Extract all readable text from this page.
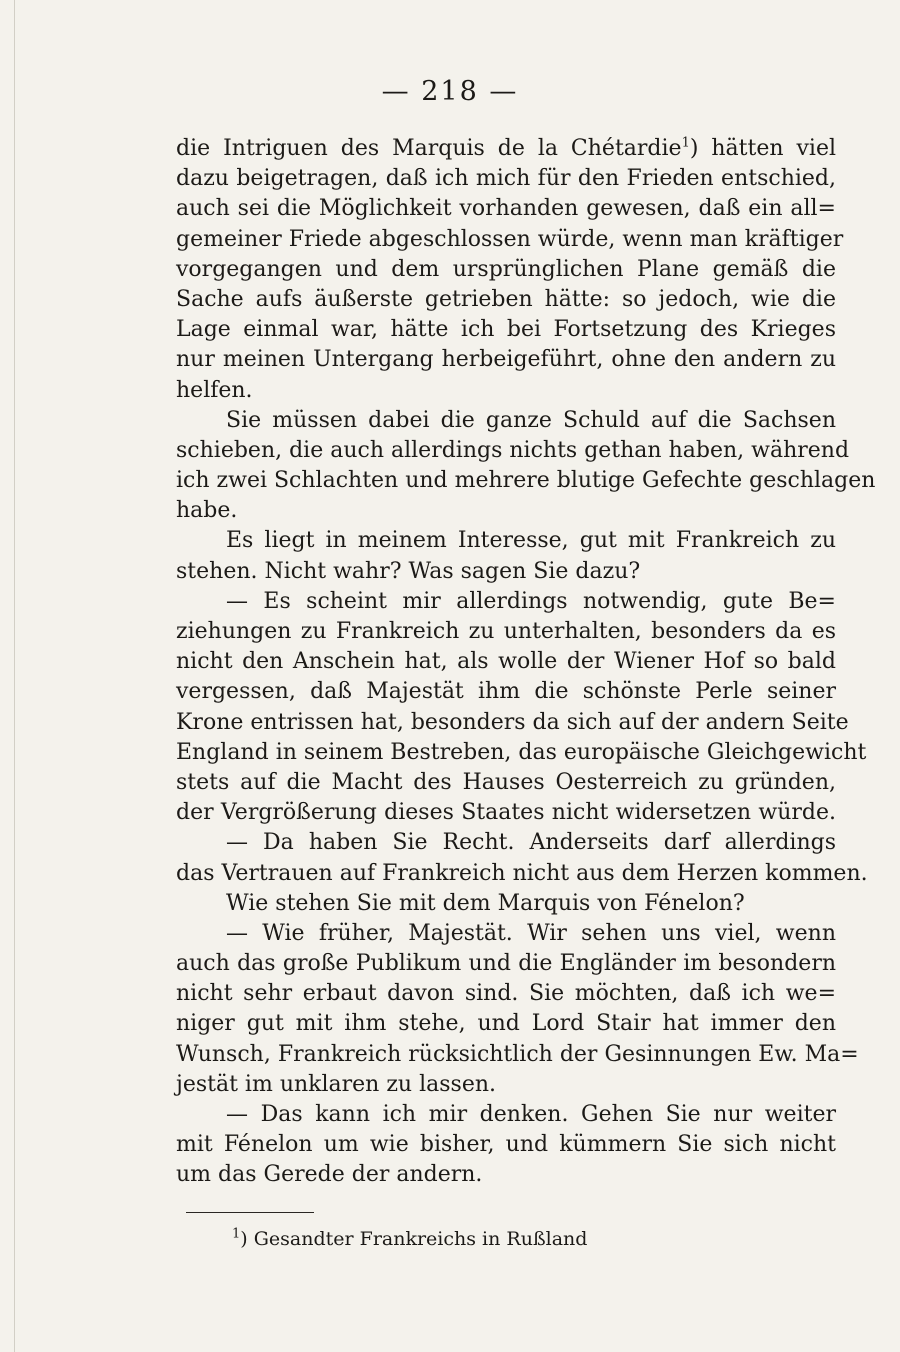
— 218 —
die Intriguen des Marquis de la Chétardie$^1$) hätten viel
dazu beigetragen, daß ich mich für den Frieden entschied,
auch sei die Möglichkeit vorhanden gewesen, daß ein all=
gemeiner Friede abgeschlossen würde, wenn man kräftiger
vorgegangen und dem ursprünglichen Plane gemäß die
Sache aufs äußerste getrieben hätte: so jedoch, wie die
Lage einmal war, hätte ich bei Fortsetzung des Krieges
nur meinen Untergang herbeigeführt, ohne den andern zu
helfen.
Sie müssen dabei die ganze Schuld auf die Sachsen
schieben, die auch allerdings nichts gethan haben, während
ich zwei Schlachten und mehrere blutige Gefechte geschlagen
habe.
Es liegt in meinem Interesse, gut mit Frankreich zu
stehen. Nicht wahr? Was sagen Sie dazu?
— Es scheint mir allerdings notwendig, gute Be=
ziehungen zu Frankreich zu unterhalten, besonders da es
nicht den Anschein hat, als wolle der Wiener Hof so bald
vergessen, daß Majestät ihm die schönste Perle seiner
Krone entrissen hat, besonders da sich auf der andern Seite
England in seinem Bestreben, das europäische Gleichgewicht
stets auf die Macht des Hauses Oesterreich zu gründen,
der Vergrößerung dieses Staates nicht widersetzen würde.
— Da haben Sie Recht. Anderseits darf allerdings
das Vertrauen auf Frankreich nicht aus dem Herzen kommen.
Wie stehen Sie mit dem Marquis von Fénelon?
— Wie früher, Majestät. Wir sehen uns viel, wenn
auch das große Publikum und die Engländer im besondern
nicht sehr erbaut davon sind. Sie möchten, daß ich we=
niger gut mit ihm stehe, und Lord Stair hat immer den
Wunsch, Frankreich rücksichtlich der Gesinnungen Ew. Ma=
jestät im unklaren zu lassen.
— Das kann ich mir denken. Gehen Sie nur weiter
mit Fénelon um wie bisher, und kümmern Sie sich nicht
um das Gerede der andern.
$^1$) Gesandter Frankreichs in Rußland
